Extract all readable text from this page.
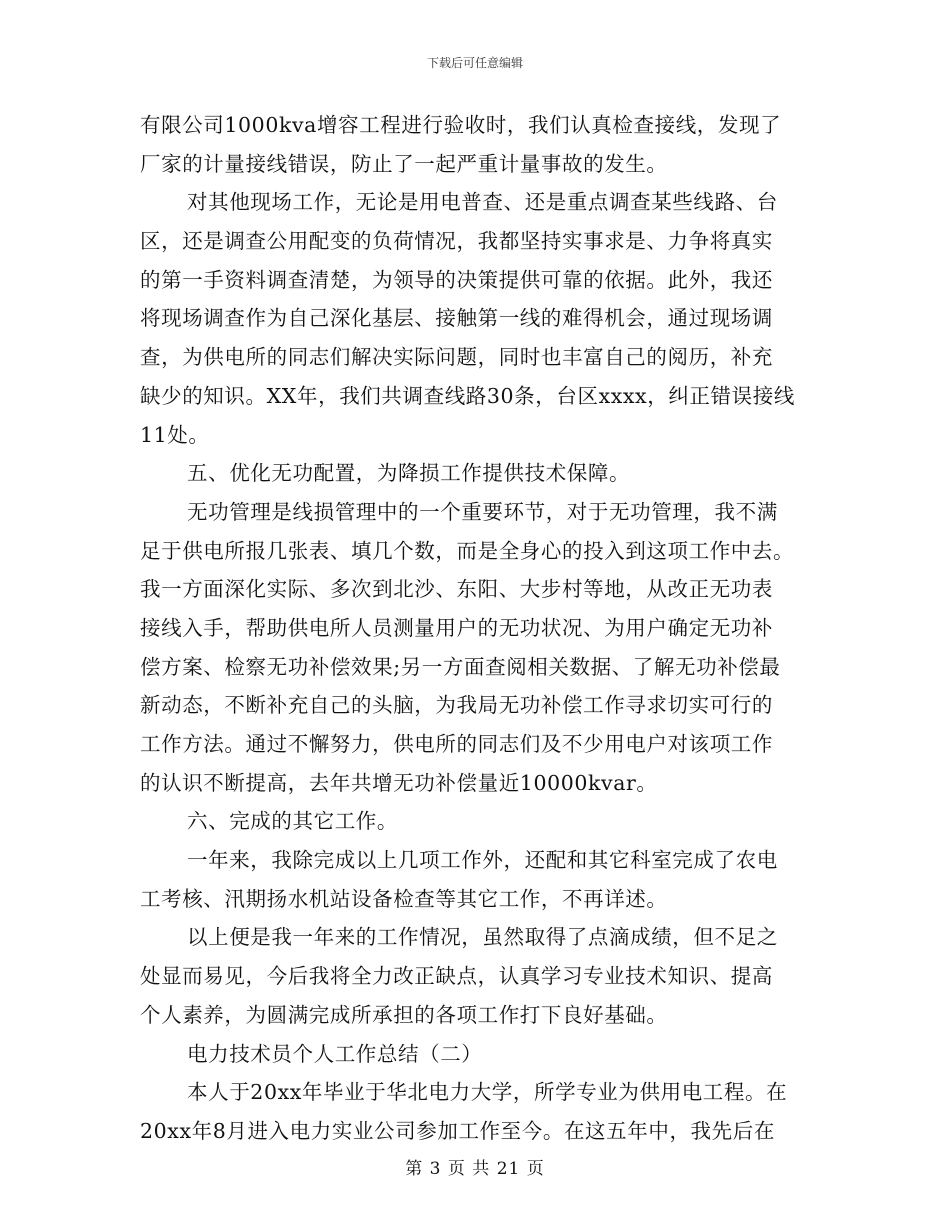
下载后可任意编辑
有限公司1000kva增容工程进行验收时，我们认真检查接线，发现了
厂家的计量接线错误，防止了一起严重计量事故的发生。
对其他现场工作，无论是用电普查、还是重点调查某些线路、台
区，还是调查公用配变的负荷情况，我都坚持实事求是、力争将真实
的第一手资料调查清楚，为领导的决策提供可靠的依据。此外，我还
将现场调查作为自己深化基层、接触第一线的难得机会，通过现场调
查，为供电所的同志们解决实际问题，同时也丰富自己的阅历，补充
缺少的知识。XX年，我们共调查线路30条，台区xxxx，纠正错误接线
11处。
五、优化无功配置，为降损工作提供技术保障。
无功管理是线损管理中的一个重要环节，对于无功管理，我不满
足于供电所报几张表、填几个数，而是全身心的投入到这项工作中去。
我一方面深化实际、多次到北沙、东阳、大步村等地，从改正无功表
接线入手，帮助供电所人员测量用户的无功状况、为用户确定无功补
偿方案、检察无功补偿效果;另一方面查阅相关数据、了解无功补偿最
新动态，不断补充自己的头脑，为我局无功补偿工作寻求切实可行的
工作方法。通过不懈努力，供电所的同志们及不少用电户对该项工作
的认识不断提高，去年共增无功补偿量近10000kvar。
六、完成的其它工作。
一年来，我除完成以上几项工作外，还配和其它科室完成了农电
工考核、汛期扬水机站设备检查等其它工作，不再详述。
以上便是我一年来的工作情况，虽然取得了点滴成绩，但不足之
处显而易见，今后我将全力改正缺点，认真学习专业技术知识、提高
个人素养，为圆满完成所承担的各项工作打下良好基础。
电力技术员个人工作总结（二）
本人于20xx年毕业于华北电力大学，所学专业为供用电工程。在
20xx年8月进入电力实业公司参加工作至今。在这五年中，我先后在
第 3 页 共 21 页
